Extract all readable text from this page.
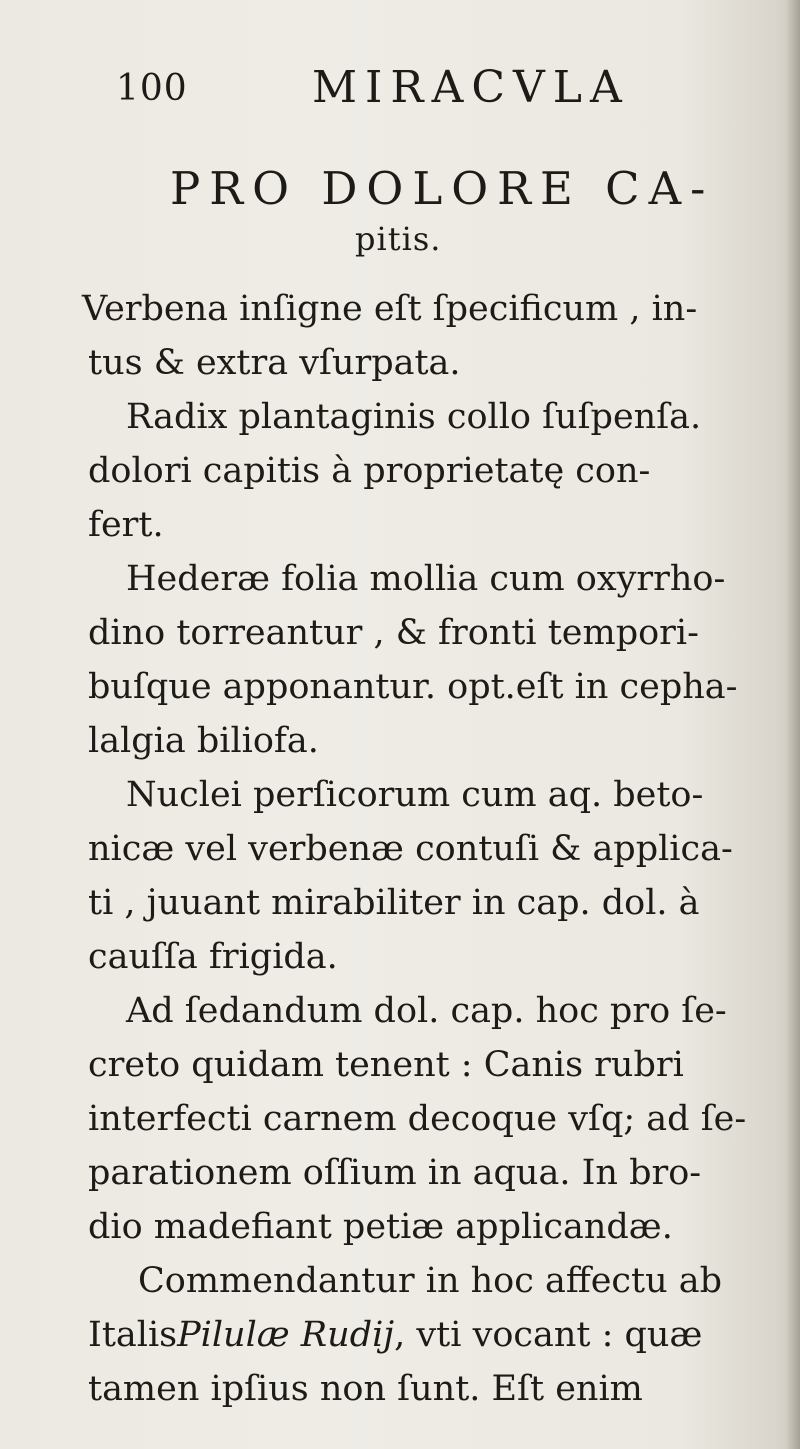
100	MIRACVLA
PRO DOLORE CA-
pitis.
Verbena inſigne eſt ſpecificum , in-
tus & extra vſurpata.
Radix plantaginis collo ſuſpenſa.
dolori capitis à proprietatę con-
fert.
Hederæ folia mollia cum oxyrrho-
dino torreantur , & fronti tempori-
buſque apponantur. opt.eſt in cepha-
lalgia biliofa.
Nuclei perſicorum cum aq. beto-
nicæ vel verbenæ contuſi & applica-
ti , juuant mirabiliter in cap. dol. à
cauſſa frigida.
Ad ſedandum dol. cap. hoc pro ſe-
creto quidam tenent : Canis rubri
interfecti carnem decoque vſq; ad ſe-
parationem oſſium in aqua. In bro-
dio madefiant petiæ applicandæ.
Commendantur in hoc affectu ab
ItalisPilulæ Rudij, vti vocant : quæ
tamen ipſius non ſunt. Eſt enim
